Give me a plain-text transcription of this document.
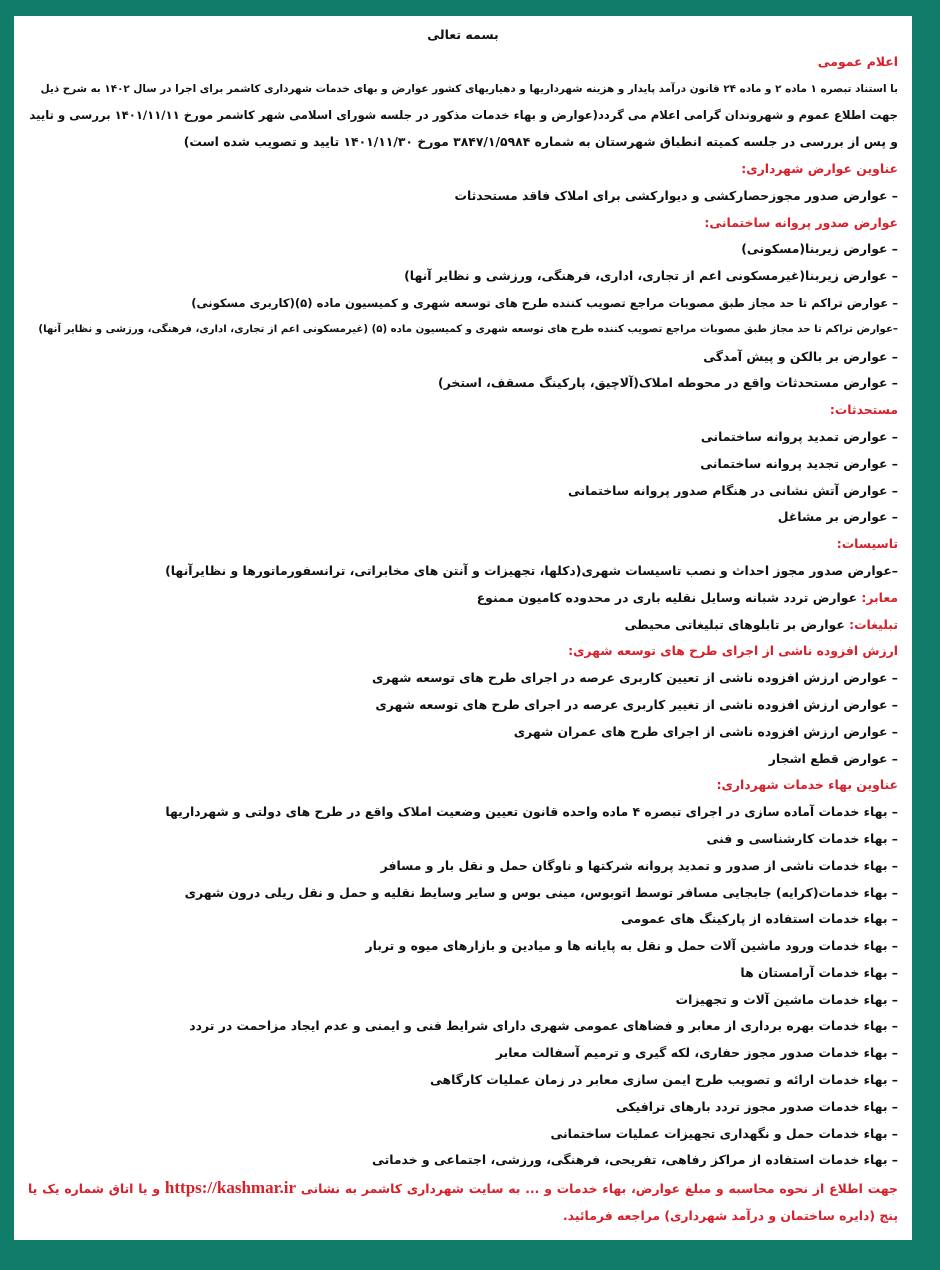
بسمه تعالی
اعلام عمومی
با استناد تبصره ۱ ماده ۲ و ماده ۲۴ قانون درآمد پایدار و هزینه شهرداریها و دهیاریهای کشور عوارض و بهای خدمات شهرداری کاشمر برای اجرا در سال ۱۴۰۲ به شرح ذیل
جهت اطلاع عموم و شهروندان گرامی اعلام می گردد(عوارض و بهاء خدمات مذکور در جلسه شورای اسلامی شهر کاشمر مورخ ۱۴۰۱/۱۱/۱۱ بررسی و تایید
و پس از بررسی در جلسه کمیته انطباق شهرستان به شماره ۳۸۴۷/۱/۵۹۸۴ مورخ ۱۴۰۱/۱۱/۳۰ تایید و تصویب شده است)
عناوین عوارض شهرداری:
– عوارض صدور مجوزحصارکشی و دیوارکشی برای املاک فاقد مستحدثات
عوارض صدور پروانه ساختمانی:
– عوارض زیربنا(مسکونی)
– عوارض زیربنا(غیرمسکونی اعم از تجاری، اداری، فرهنگی، ورزشی و نظایر آنها)
– عوارض تراکم تا حد مجاز طبق مصوبات مراجع تصویب کننده طرح های توسعه شهری و کمیسیون ماده (۵)(کاربری مسکونی)
–عوارض تراکم تا حد مجاز طبق مصوبات مراجع تصویب کننده طرح های توسعه شهری و کمیسیون ماده (۵) (غیرمسکونی اعم از تجاری، اداری، فرهنگی، ورزشی و نظایر آنها)
– عوارض بر بالکن و پیش آمدگی
– عوارض مستحدثات واقع در محوطه املاک(آلاچیق، پارکینگ مسقف، استخر)
مستحدثات:
– عوارض تمدید پروانه ساختمانی
– عوارض تجدید پروانه ساختمانی
– عوارض آتش نشانی در هنگام صدور پروانه ساختمانی
– عوارض بر مشاغل
تاسیسات:
–عوارض صدور مجوز احداث و نصب تاسیسات شهری(دکلها، تجهیزات و آنتن های مخابراتی، ترانسفورماتورها و نظایرآنها)
معابر: عوارض تردد شبانه وسایل نقلیه باری در محدوده کامیون ممنوع
تبلیغات: عوارض بر تابلوهای تبلیغاتی محیطی
ارزش افزوده ناشی از اجرای طرح های توسعه شهری:
– عوارض ارزش افزوده ناشی از تعیین کاربری عرصه در اجرای طرح های توسعه شهری
– عوارض ارزش افزوده ناشی از تغییر کاربری عرصه در اجرای طرح های توسعه شهری
– عوارض ارزش افزوده ناشی از اجرای طرح های عمران شهری
– عوارض قطع اشجار
عناوین بهاء خدمات شهرداری:
– بهاء خدمات آماده سازی در اجرای تبصره ۴ ماده واحده قانون تعیین وضعیت املاک واقع در طرح های دولتی و شهرداریها
– بهاء خدمات کارشناسی و فنی
– بهاء خدمات ناشی از صدور و تمدید پروانه شرکتها و ناوگان حمل و نقل بار و مسافر
– بهاء خدمات(کرایه) جابجایی مسافر توسط اتوبوس، مینی بوس و سایر وسایط نقلیه و حمل و نقل ریلی درون شهری
– بهاء خدمات استفاده از پارکینگ های عمومی
– بهاء خدمات ورود ماشین آلات حمل و نقل به پایانه ها و میادین و بازارهای میوه و تربار
– بهاء خدمات آرامستان ها
– بهاء خدمات ماشین آلات و تجهیزات
– بهاء خدمات بهره برداری از معابر و فضاهای عمومی شهری دارای شرایط فنی و ایمنی و عدم ایجاد مزاحمت در تردد
– بهاء خدمات صدور مجوز حفاری، لکه گیری و ترمیم آسفالت معابر
– بهاء خدمات ارائه و تصویب طرح ایمن سازی معابر در زمان عملیات کارگاهی
– بهاء خدمات صدور مجوز تردد بارهای ترافیکی
– بهاء خدمات حمل و نگهداری تجهیزات عملیات ساختمانی
– بهاء خدمات استفاده از مراکز رفاهی، تفریحی، فرهنگی، ورزشی، اجتماعی و خدماتی
جهت اطلاع از نحوه محاسبه و مبلغ عوارض، بهاء خدمات و ... به سایت شهرداری کاشمر به نشانی https://kashmar.ir و یا اتاق شماره یک یا پنج (دایره ساختمان و درآمد شهرداری) مراجعه فرمائید.
